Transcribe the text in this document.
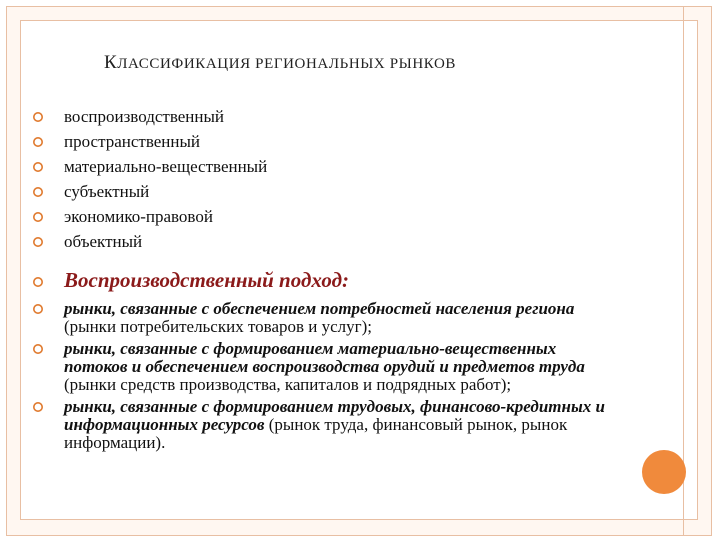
КЛАССИФИКАЦИЯ РЕГИОНАЛЬНЫХ РЫНКОВ
воспроизводственный
пространственный
материально-вещественный
субъектный
экономико-правовой
объектный
Воспроизводственный подход:
рынки, связанные с обеспечением потребностей населения региона (рынки потребительских товаров и услуг);
рынки, связанные с формированием материально-вещественных потоков и обеспечением воспроизводства орудий и предметов труда (рынки средств производства, капиталов и подрядных работ);
рынки, связанные с формированием трудовых, финансово-кредитных и информационных ресурсов (рынок труда, финансовый рынок, рынок информации).
